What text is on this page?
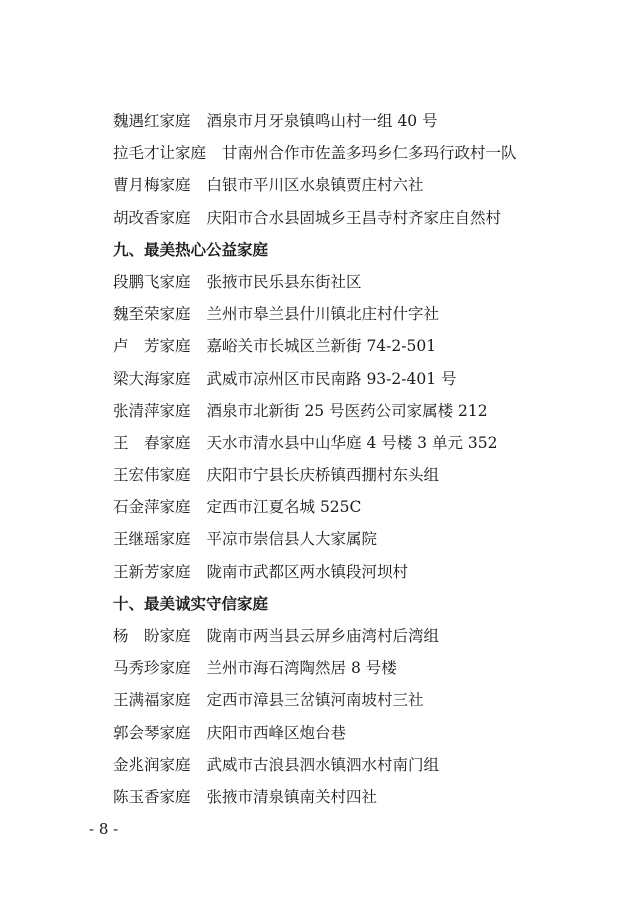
魏遇红家庭 酒泉市月牙泉镇鸣山村一组 40 号
拉毛才让家庭 甘南州合作市佐盖多玛乡仁多玛行政村一队
曹月梅家庭 白银市平川区水泉镇贾庄村六社
胡改香家庭 庆阳市合水县固城乡王昌寺村齐家庄自然村
九、最美热心公益家庭
段鹏飞家庭 张掖市民乐县东街社区
魏至荣家庭 兰州市皋兰县什川镇北庄村什字社
卢　芳家庭 嘉峪关市长城区兰新街 74-2-501
梁大海家庭 武威市凉州区市民南路 93-2-401 号
张清萍家庭 酒泉市北新街 25 号医药公司家属楼 212
王　春家庭 天水市清水县中山华庭 4 号楼 3 单元 352
王宏伟家庭 庆阳市宁县长庆桥镇西掤村东头组
石金萍家庭 定西市江夏名城 525C
王继瑶家庭 平凉市崇信县人大家属院
王新芳家庭 陇南市武都区两水镇段河坝村
十、最美诚实守信家庭
杨　盼家庭 陇南市两当县云屏乡庙湾村后湾组
马秀珍家庭 兰州市海石湾陶然居 8 号楼
王满福家庭 定西市漳县三岔镇河南坡村三社
郭会琴家庭 庆阳市西峰区炮台巷
金兆润家庭 武威市古浪县泗水镇泗水村南门组
陈玉香家庭 张掖市清泉镇南关村四社
- 8 -
